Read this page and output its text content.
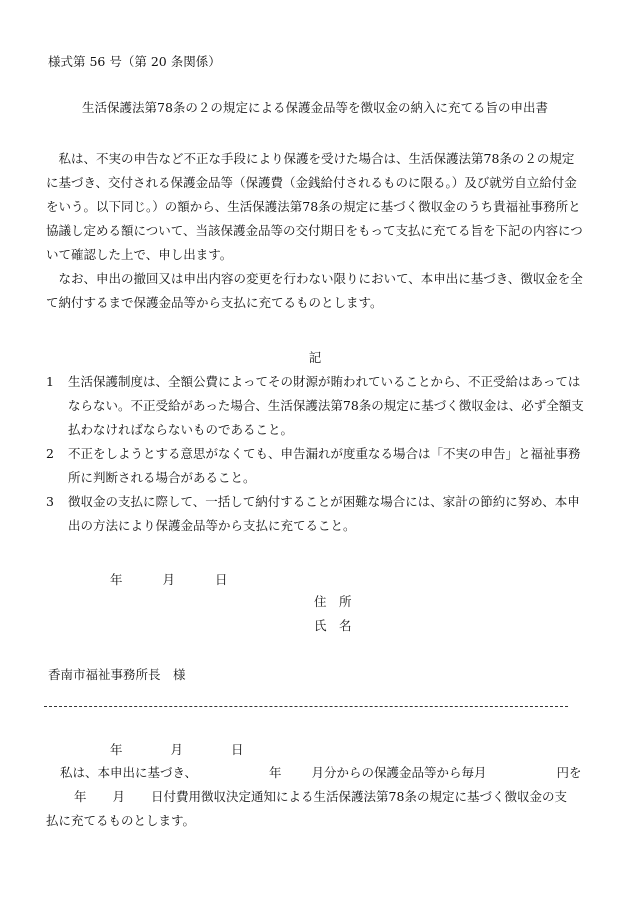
様式第 56 号（第 20 条関係）
生活保護法第78条の２の規定による保護金品等を徴収金の納入に充てる旨の申出書

私は、不実の申告など不正な手段により保護を受けた場合は、生活保護法第78条の２の規定に基づき、交付される保護金品等（保護費（金銭給付されるものに限る。）及び就労自立給付金をいう。以下同じ。）の額から、生活保護法第78条の規定に基づく徴収金のうち貴福祉事務所と協議し定める額について、当該保護金品等の交付期日をもって支払に充てる旨を下記の内容について確認した上で、申し出ます。

なお、申出の撤回又は申出内容の変更を行わない限りにおいて、本申出に基づき、徴収金を全て納付するまで保護金品等から支払に充てるものとします。

記
1	生活保護制度は、全額公費によってその財源が賄われていることから、不正受給はあってはならない。不正受給があった場合、生活保護法第78条の規定に基づく徴収金は、必ず全額支払わなければならないものであること。
2	不正をしようとする意思がなくても、申告漏れが度重なる場合は「不実の申告」と福祉事務所に判断される場合があること。
3	徴収金の支払に際して、一括して納付することが困難な場合には、家計の節約に努め、本申出の方法により保護金品等から支払に充てること。
年	月	日
住　所
氏　名
香南市福祉事務所長　様
年	月	日

私は、本申出に基づき、	年 月分からの保護金品等から毎月	円を

年 月 日付費用徴収決定通知による生活保護法第78条の規定に基づく徴収金の支

払に充てるものとします。
